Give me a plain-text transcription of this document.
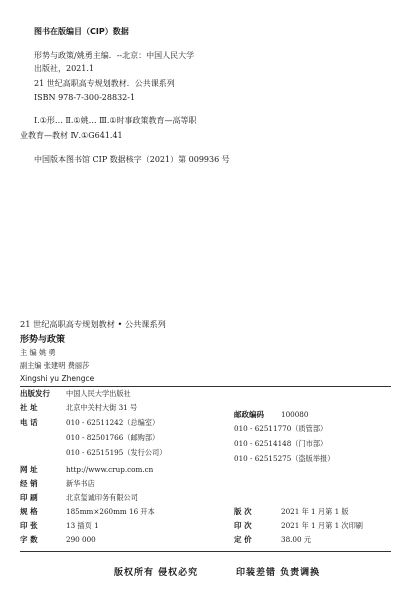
图书在版编目（CIP）数据
形势与政策/姚勇主编．--北京：中国人民大学
出版社，2021.1
21 世纪高职高专规划教材．公共课系列
ISBN 978-7-300-28832-1
Ⅰ.①形… Ⅱ.①姚… Ⅲ.①时事政策教育—高等职
业教育—教材 Ⅳ.①G641.41
中国版本图书馆 CIP 数据核字（2021）第 009936 号
21 世纪高职高专规划教材 • 公共课系列
形势与政策
主 编 姚 勇
副主编 张建明 费丽莎
Xingshi yu Zhengce
出版发行 中国人民大学出版社
社 址	北京中关村大街 31 号
电 话	010 - 62511242（总编室）
010 - 82501766（邮购部）
010 - 62515195（发行公司）
邮政编码 100080
010 - 62511770（质管部）
010 - 62514148（门市部）
010 - 62515275（盗版举报）
网 址	http://www.crup.com.cn
经 销	新华书店
印 刷	北京玺诚印务有限公司
规 格	185mm×260mm 16 开本	版 次	2021 年 1 月第 1 版
印 张	13 插页 1	印 次	2021 年 1 月第 1 次印刷
字 数	290 000	定 价	38.00 元
版权所有 侵权必究	印装差错 负责调换
